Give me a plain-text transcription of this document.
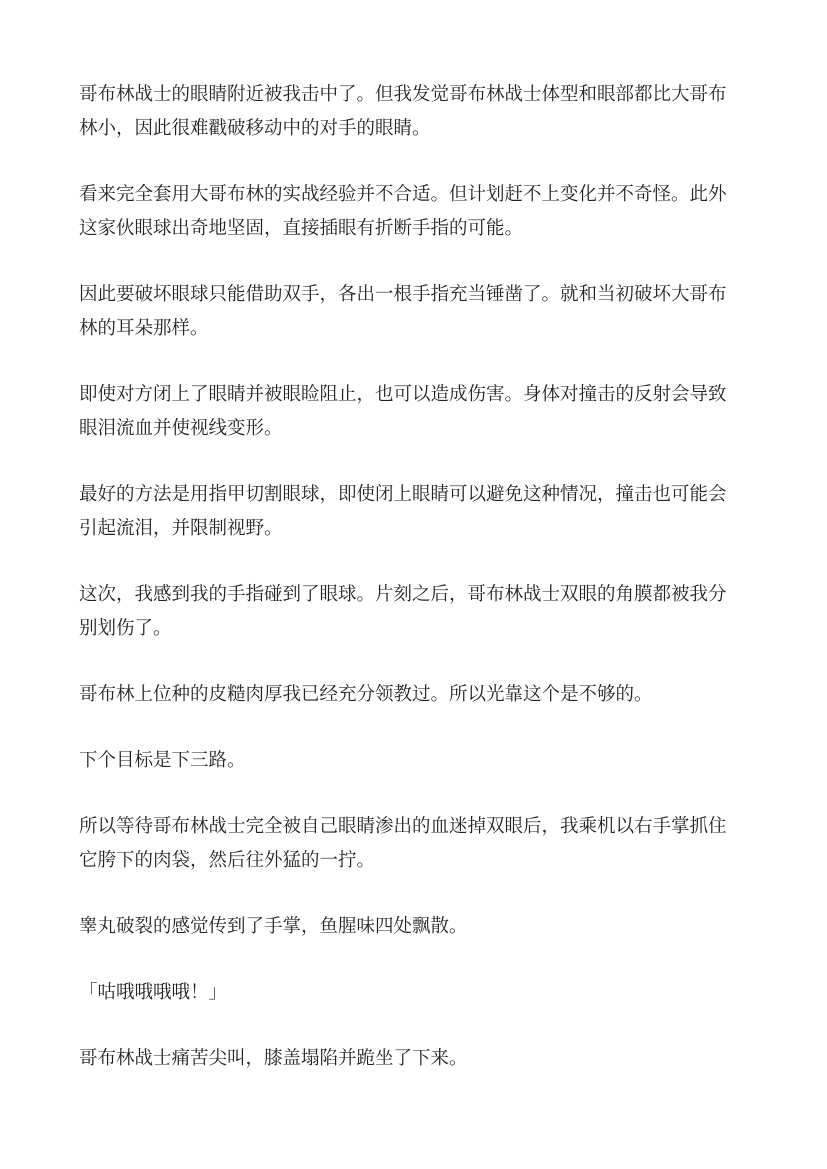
哥布林战士的眼睛附近被我击中了。但我发觉哥布林战士体型和眼部都比大哥布林小，因此很难戳破移动中的对手的眼睛。

看来完全套用大哥布林的实战经验并不合适。但计划赶不上变化并不奇怪。此外这家伙眼球出奇地坚固，直接插眼有折断手指的可能。

因此要破坏眼球只能借助双手，各出一根手指充当锤凿了。就和当初破坏大哥布林的耳朵那样。

即使对方闭上了眼睛并被眼睑阻止，也可以造成伤害。身体对撞击的反射会导致眼泪流血并使视线变形。

最好的方法是用指甲切割眼球，即使闭上眼睛可以避免这种情况，撞击也可能会引起流泪，并限制视野。

这次，我感到我的手指碰到了眼球。片刻之后，哥布林战士双眼的角膜都被我分别划伤了。

哥布林上位种的皮糙肉厚我已经充分领教过。所以光靠这个是不够的。

下个目标是下三路。

所以等待哥布林战士完全被自己眼睛渗出的血迷掉双眼后，我乘机以右手掌抓住它胯下的肉袋，然后往外猛的一拧。

睾丸破裂的感觉传到了手掌，鱼腥味四处飘散。

「咕哦哦哦哦！」

哥布林战士痛苦尖叫，膝盖塌陷并跪坐了下来。
